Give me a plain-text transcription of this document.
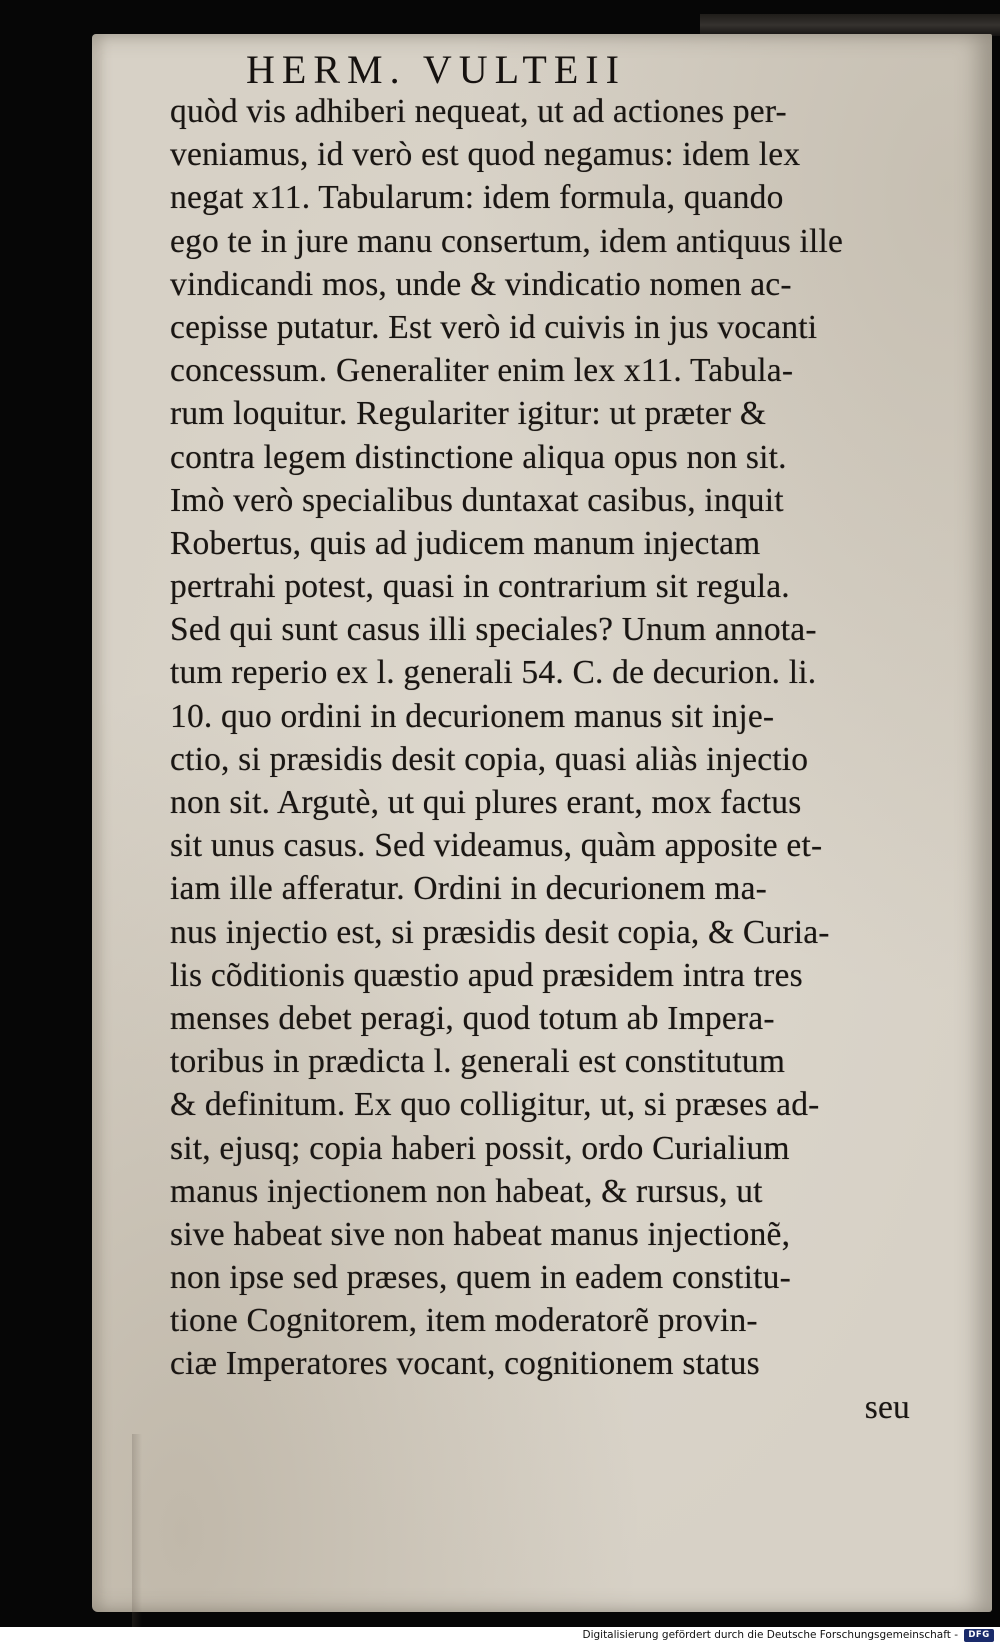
HERM. VULTEII

quòd vis adhiberi nequeat, ut ad actiones per-
veniamus, id verò est quod negamus: idem lex
negat x11. Tabularum: idem formula, quando
ego te in jure manu consertum, idem antiquus ille
vindicandi mos, unde & vindicatio nomen ac-
cepisse putatur. Est verò id cuivis in jus vocanti
concessum. Generaliter enim lex x11. Tabula-
rum loquitur. Regulariter igitur: ut præter &
contra legem distinctione aliqua opus non sit.
Imò verò specialibus duntaxat casibus, inquit
Robertus, quis ad judicem manum injectam
pertrahi potest, quasi in contrarium sit regula.
Sed qui sunt casus illi speciales? Unum annota-
tum reperio ex l. generali 54. C. de decurion. li.
10. quo ordini in decurionem manus sit inje-
ctio, si præsidis desit copia, quasi aliàs injectio
non sit. Argutè, ut qui plures erant, mox factus
sit unus casus. Sed videamus, quàm apposite et-
iam ille afferatur. Ordini in decurionem ma-
nus injectio est, si præsidis desit copia, & Curia-
lis cõditionis quæstio apud præsidem intra tres
menses debet peragi, quod totum ab Impera-
toribus in prædicta l. generali est constitutum
& definitum. Ex quo colligitur, ut, si præses ad-
sit, ejusq; copia haberi possit, ordo Curialium
manus injectionem non habeat, & rursus, ut
sive habeat sive non habeat manus injectionẽ,
non ipse sed præses, quem in eadem constitu-
tione Cognitorem, item moderatorẽ provin-
ciæ Imperatores vocant, cognitionem status
seu

Digitalisierung gefördert durch die Deutsche Forschungsgemeinschaft -	DFG
